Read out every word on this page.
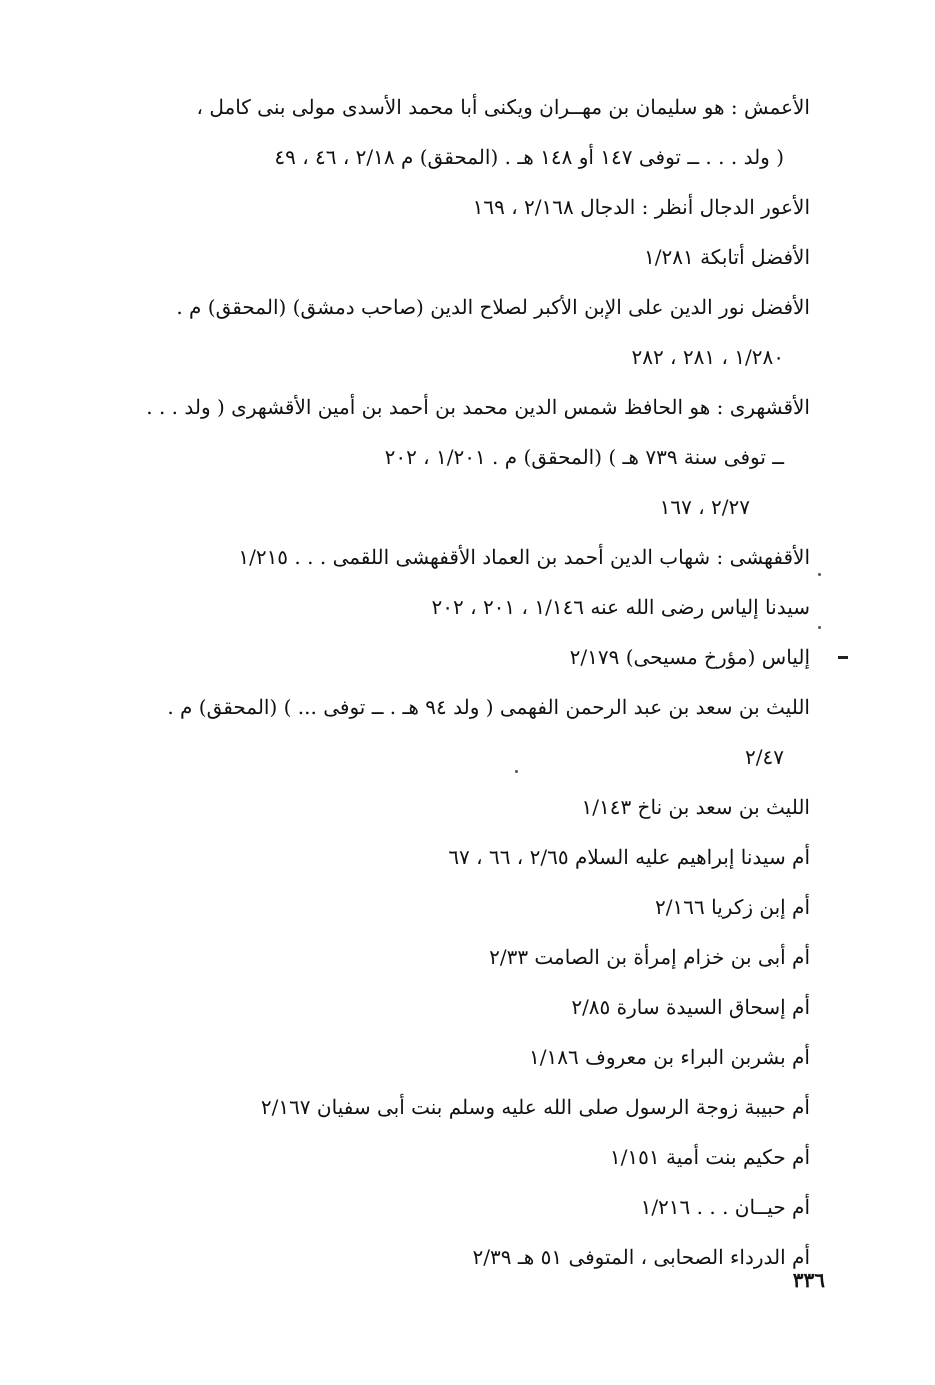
الأعمش : هو سليمان بن مهــران ويكنى أبا محمد الأسدى مولى بنى كامل ،
( ولد . . . ــ توفى ١٤٧ أو ١٤٨ هـ . (المحقق) م ٢/١٨ ، ٤٦ ، ٤٩
الأعور الدجال أنظر : الدجال ٢/١٦٨ ، ١٦٩
الأفضل أتابكة ١/٢٨١
الأفضل نور الدين على الإبن الأكبر لصلاح الدين (صاحب دمشق) (المحقق) م .
١/٢٨٠ ، ٢٨١ ، ٢٨٢
الأقشهرى : هو الحافظ شمس الدين محمد بن أحمد بن أمين الأقشهرى ( ولد . . .
ــ توفى سنة ٧٣٩ هـ ) (المحقق) م . ١/٢٠١ ، ٢٠٢
٢/٢٧ ، ١٦٧
الأقفهشى : شهاب الدين أحمد بن العماد الأقفهشى اللقمى . . . ١/٢١٥
سيدنا إلياس رضى الله عنه ١/١٤٦ ، ٢٠١ ، ٢٠٢
إلياس (مؤرخ مسيحى) ٢/١٧٩
الليث بن سعد بن عبد الرحمن الفهمى ( ولد ٩٤ هـ . ــ توفى ... ) (المحقق) م .
٢/٤٧
الليث بن سعد بن ناخ ١/١٤٣
أم سيدنا إبراهيم عليه السلام ٢/٦٥ ، ٦٦ ، ٦٧
أم إبن زكريا ٢/١٦٦
أم أبى بن خزام إمرأة بن الصامت ٢/٣٣
أم إسحاق السيدة سارة ٢/٨٥
أم بشربن البراء بن معروف ١/١٨٦
أم حبيبة زوجة الرسول صلى الله عليه وسلم بنت أبى سفيان ٢/١٦٧
أم حكيم بنت أمية ١/١٥١
أم حيــان . . . ١/٢١٦
أم الدرداء الصحابى ، المتوفى ٥١ هـ ٢/٣٩
٣٣٦
